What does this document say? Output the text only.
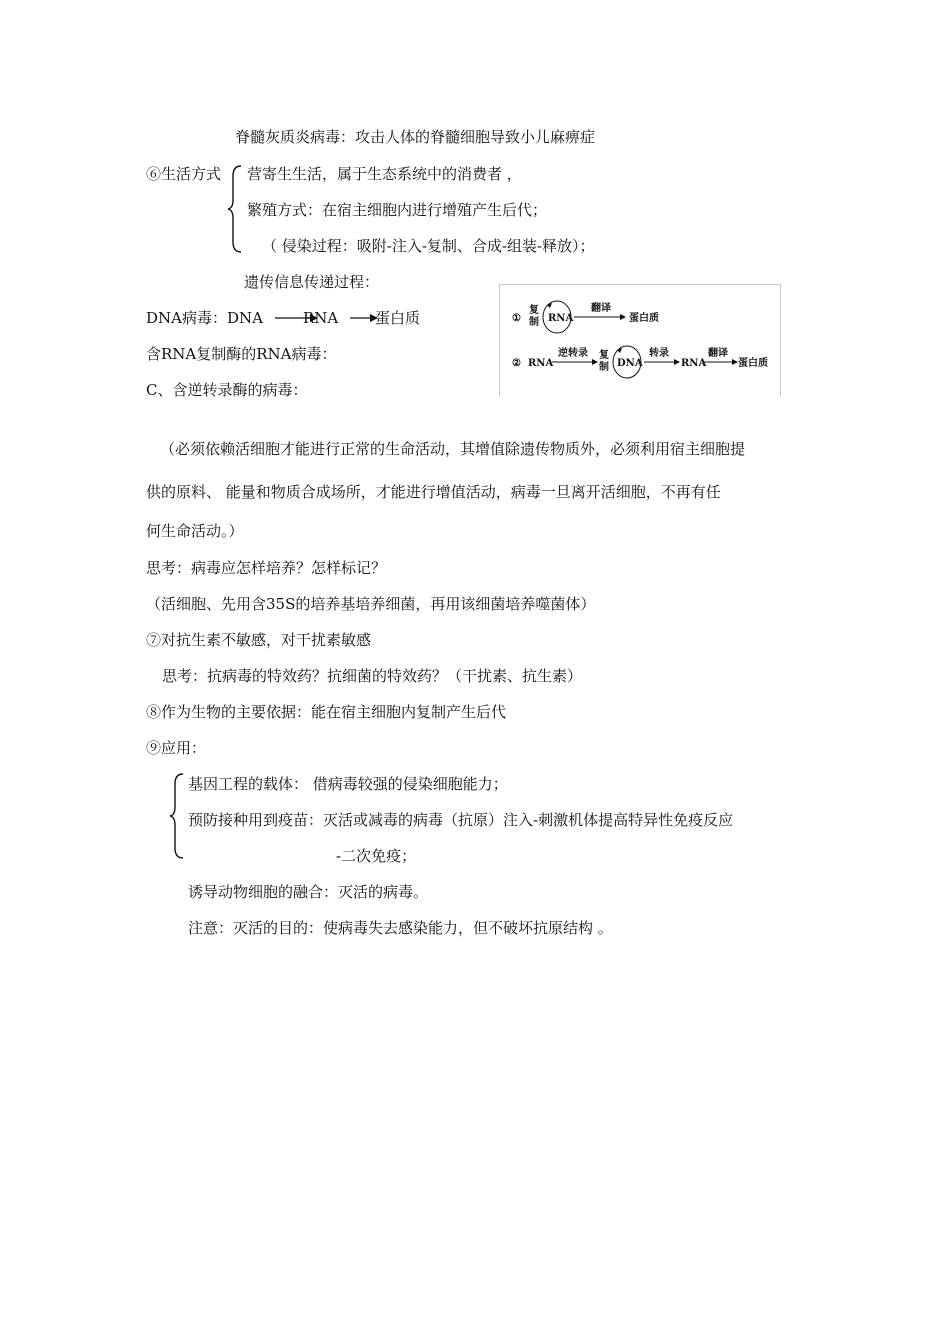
脊髓灰质炎病毒：攻击人体的脊髓细胞导致小儿麻痹症
⑥生活方式 营寄生生活，属于生态系统中的消费者 ，
繁殖方式：在宿主细胞内进行增殖产生后代；
（ 侵染过程：吸附-注入-复制、合成-组装-释放）；
遗传信息传递过程：
DNA病毒：DNA	RNA 蛋白质
含RNA复制酶的RNA病毒：
C、含逆转录酶的病毒：
①
复
制 RNA
翻译
蛋白质
② RNA
逆转录 复
制 DNA
转录
RNA
翻译
蛋白质
（必须依赖活细胞才能进行正常的生命活动，其增值除遗传物质外，必须利用宿主细胞提
供的原料、 能量和物质合成场所，才能进行增值活动，病毒一旦离开活细胞，不再有任
何生命活动。）
思考：病毒应怎样培养？怎样标记？
（活细胞、先用含35S的培养基培养细菌，再用该细菌培养噬菌体）
⑦对抗生素不敏感，对干扰素敏感
思考：抗病毒的特效药？抗细菌的特效药？（干扰素、抗生素）
⑧作为生物的主要依据：能在宿主细胞内复制产生后代
⑨应用：
基因工程的载体： 借病毒较强的侵染细胞能力；
预防接种用到疫苗：灭活或减毒的病毒（抗原）注入-刺激机体提高特异性免疫反应
-二次免疫；
诱导动物细胞的融合：灭活的病毒。
注意：灭活的目的：使病毒失去感染能力，但不破坏抗原结构 。
